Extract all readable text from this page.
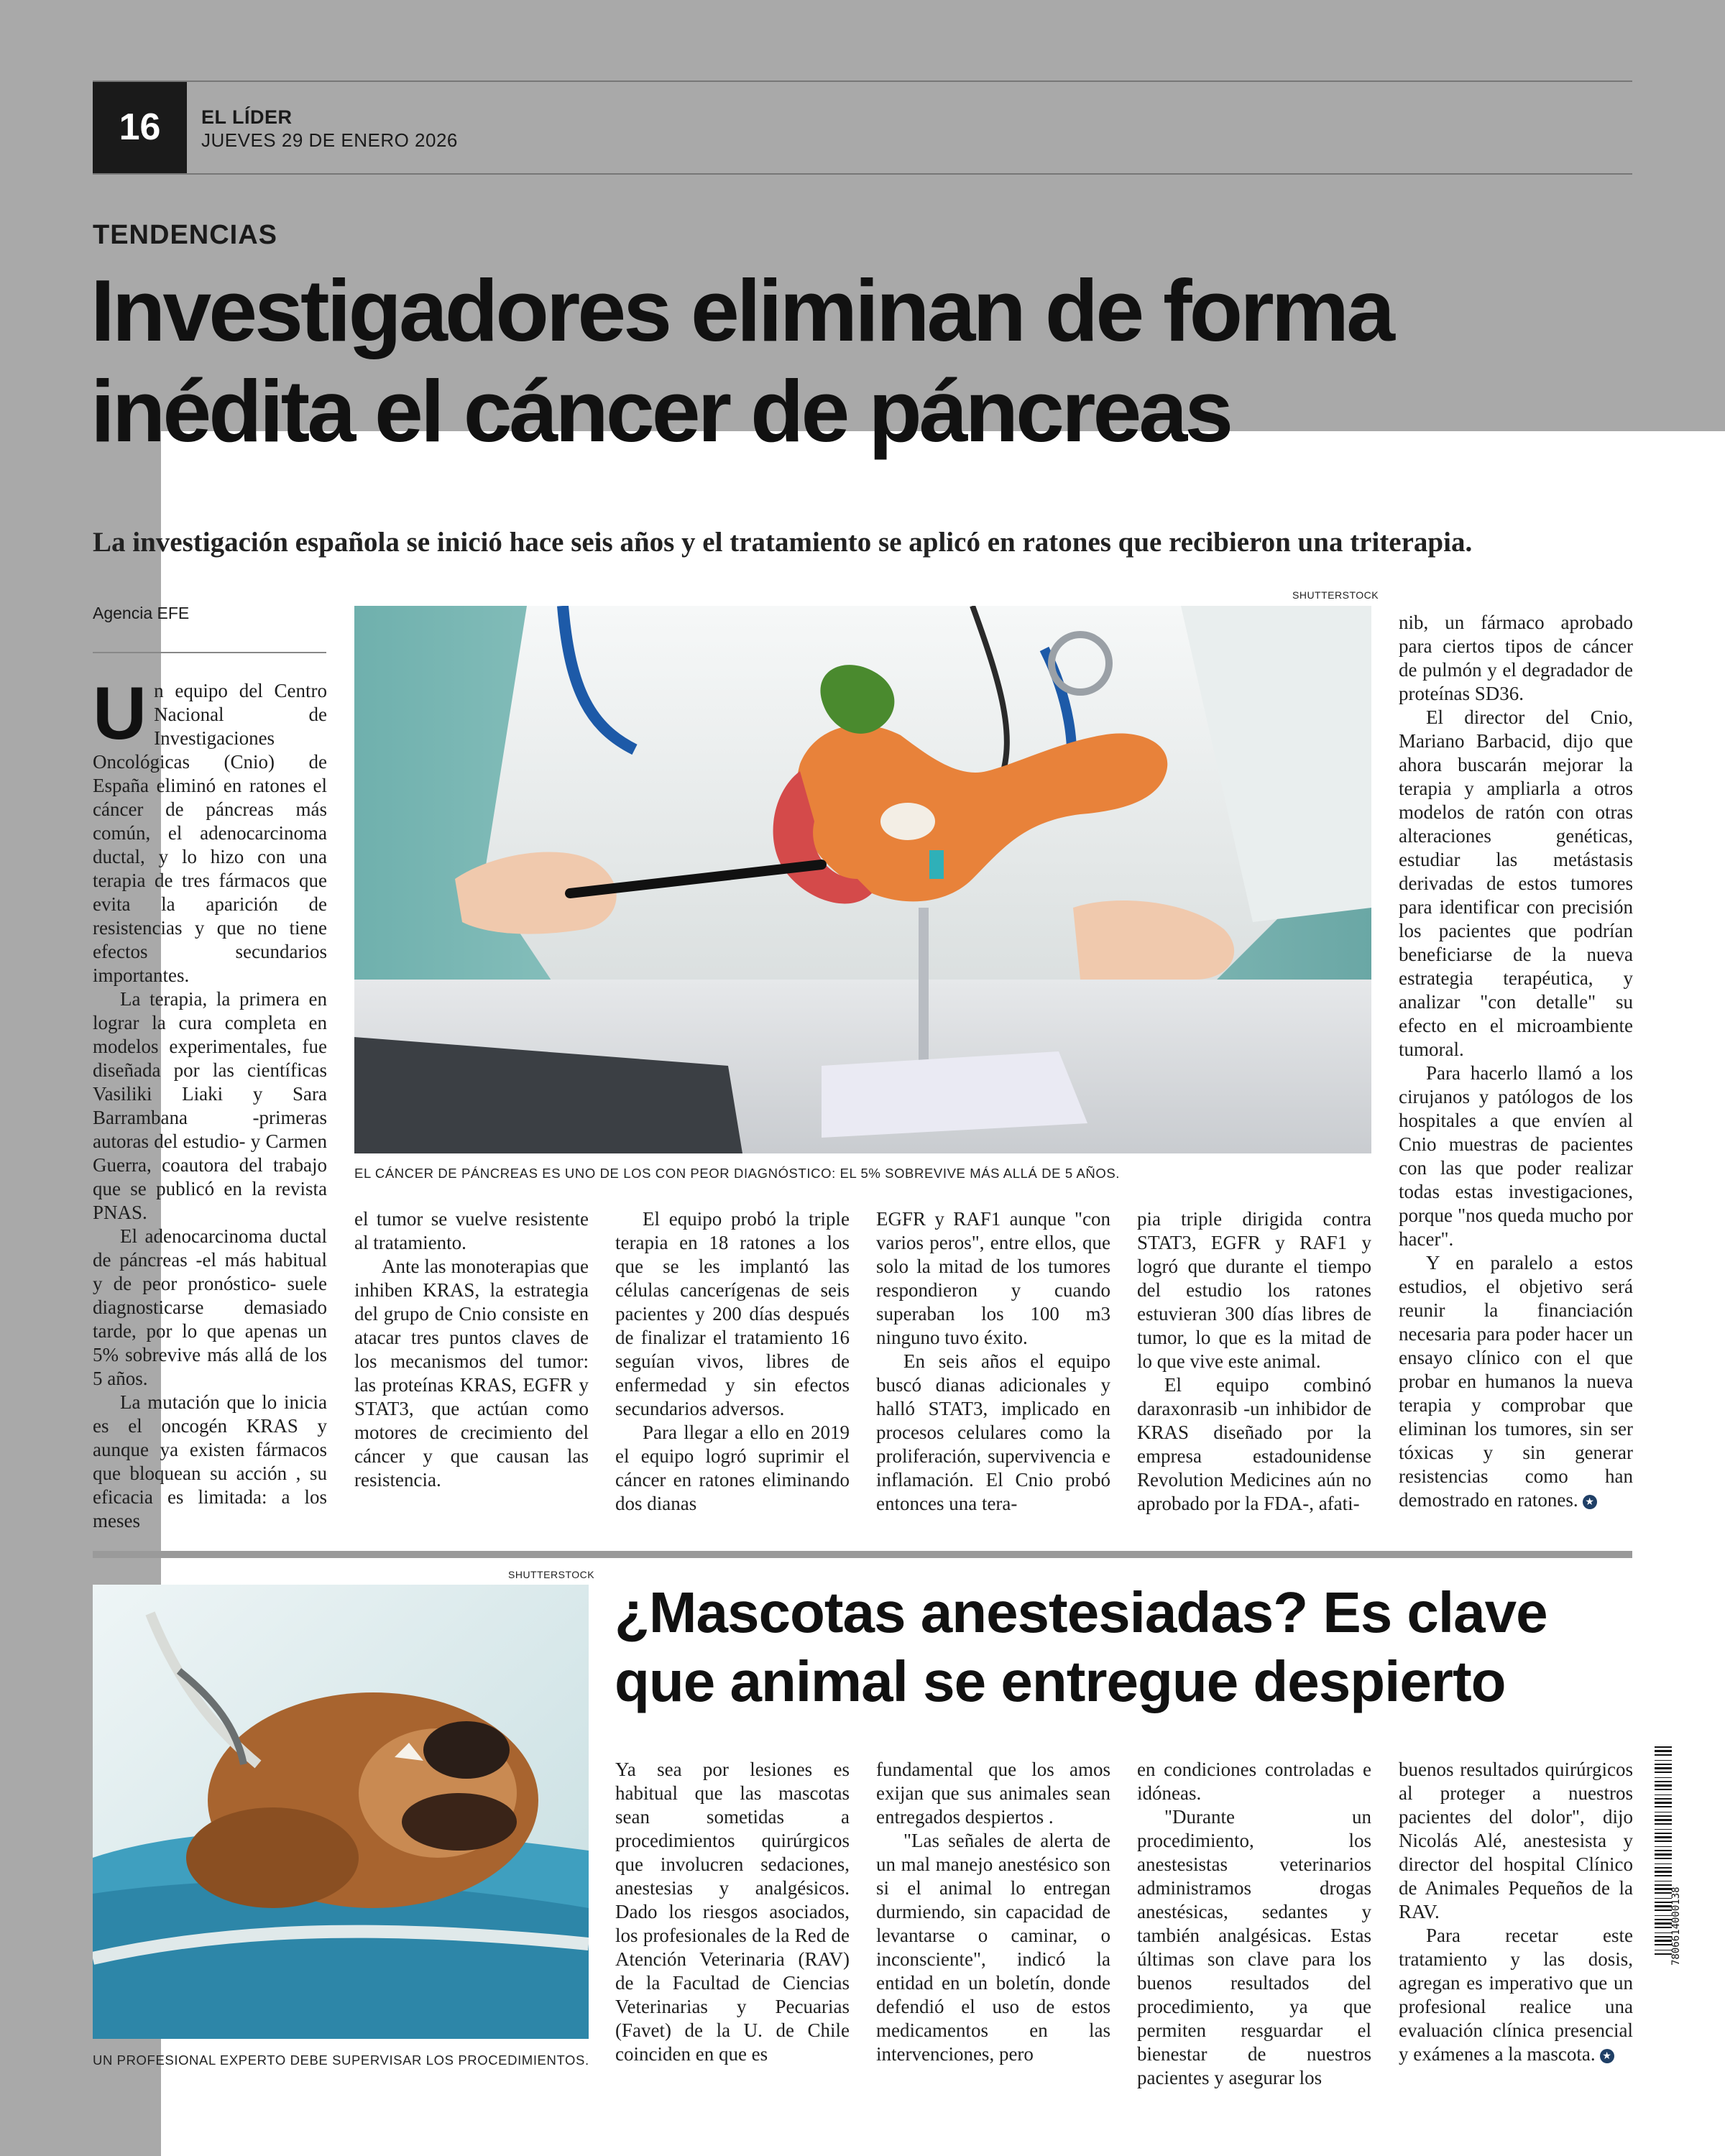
16	EL LÍDER
JUEVES 29 DE ENERO 2026
TENDENCIAS
Investigadores eliminan de forma inédita el cáncer de páncreas
La investigación española se inició hace seis años y el tratamiento se aplicó en ratones que recibieron una triterapia.
Agencia EFE
SHUTTERSTOCK
EL CÁNCER DE PÁNCREAS ES UNO DE LOS CON PEOR DIAGNÓSTICO: EL 5% SOBREVIVE MÁS ALLÁ DE 5 AÑOS.

Un equipo del Centro Nacional de Investigaciones Oncológicas (Cnio) de España eliminó en ratones el cáncer de páncreas más común, el adenocarcinoma ductal, y lo hizo con una terapia de tres fármacos que evita la aparición de resistencias y que no tiene efectos secundarios importantes.

La terapia, la primera en lograr la cura completa en modelos experimentales, fue diseñada por las científicas Vasiliki Liaki y Sara Barrambana -primeras autoras del estudio- y Carmen Guerra, coautora del trabajo que se publicó en la revista PNAS.

El adenocarcinoma ductal de páncreas -el más habitual y de peor pronóstico- suele diagnosticarse demasiado tarde, por lo que apenas un 5% sobrevive más allá de los 5 años.

La mutación que lo inicia es el oncogén KRAS y aunque ya existen fármacos que bloquean su acción , su eficacia es limitada: a los meses

el tumor se vuelve resistente al tratamiento.

Ante las monoterapias que inhiben KRAS, la estrategia del grupo de Cnio consiste en atacar tres puntos claves de los mecanismos del tumor: las proteínas KRAS, EGFR y STAT3, que actúan como motores de crecimiento del cáncer y que causan las resistencia.

El equipo probó la triple terapia en 18 ratones a los que se les implantó las células cancerígenas de seis pacientes y 200 días después de finalizar el tratamiento 16 seguían vivos, libres de enfermedad y sin efectos secundarios adversos.

Para llegar a ello en 2019 el equipo logró suprimir el cáncer en ratones eliminando dos dianas

EGFR y RAF1 aunque "con varios peros", entre ellos, que solo la mitad de los tumores respondieron y cuando superaban los 100 m3 ninguno tuvo éxito.

En seis años el equipo buscó dianas adicionales y halló STAT3, implicado en procesos celulares como la proliferación, supervivencia e inflamación. El Cnio probó entonces una tera-

pia triple dirigida contra STAT3, EGFR y RAF1 y logró que durante el tiempo del estudio los ratones estuvieran 300 días libres de tumor, lo que es la mitad de lo que vive este animal.

El equipo combinó daraxonrasib -un inhibidor de KRAS diseñado por la empresa estadounidense Revolution Medicines aún no aprobado por la FDA-, afati-

nib, un fármaco aprobado para ciertos tipos de cáncer de pulmón y el degradador de proteínas SD36.

El director del Cnio, Mariano Barbacid, dijo que ahora buscarán mejorar la terapia y ampliarla a otros modelos de ratón con otras alteraciones genéticas, estudiar las metástasis derivadas de estos tumores para identificar con precisión los pacientes que podrían beneficiarse de la nueva estrategia terapéutica, y analizar "con detalle" su efecto en el microambiente tumoral.

Para hacerlo llamó a los cirujanos y patólogos de los hospitales a que envíen al Cnio muestras de pacientes con las que poder realizar todas estas investigaciones, porque "nos queda mucho por hacer".

Y en paralelo a estos estudios, el objetivo será reunir la financiación necesaria para poder hacer un ensayo clínico con el que probar en humanos la nueva terapia y comprobar que eliminan los tumores, sin ser tóxicas y sin generar resistencias como han demostrado en ratones. ★

SHUTTERSTOCK
UN PROFESIONAL EXPERTO DEBE SUPERVISAR LOS PROCEDIMIENTOS.
¿Mascotas anestesiadas? Es clave que animal se entregue despierto

Ya sea por lesiones es habitual que las mascotas sean sometidas a procedimientos quirúrgicos que involucren sedaciones, anestesias y analgésicos. Dado los riesgos asociados, los profesionales de la Red de Atención Veterinaria (RAV) de la Facultad de Ciencias Veterinarias y Pecuarias (Favet) de la U. de Chile coinciden en que es

fundamental que los amos exijan que sus animales sean entregados despiertos .

"Las señales de alerta de un mal manejo anestésico son si el animal lo entregan durmiendo, sin capacidad de levantarse o caminar, o inconsciente", indicó la entidad en un boletín, donde defendió el uso de estos medicamentos en las intervenciones, pero

en condiciones controladas e idóneas.

"Durante un procedimiento, los anestesistas veterinarios administramos drogas anestésicas, sedantes y también analgésicas. Estas últimas son clave para los buenos resultados del procedimiento, ya que permiten resguardar el bienestar de nuestros pacientes y asegurar los

buenos resultados quirúrgicos al proteger a nuestros pacientes del dolor", dijo Nicolás Alé, anestesista y director del hospital Clínico de Animales Pequeños de la RAV.

Para recetar este tratamiento y las dosis, agregan es imperativo que un profesional realice una evaluación clínica presencial y exámenes a la mascota. ★

7806614000138
